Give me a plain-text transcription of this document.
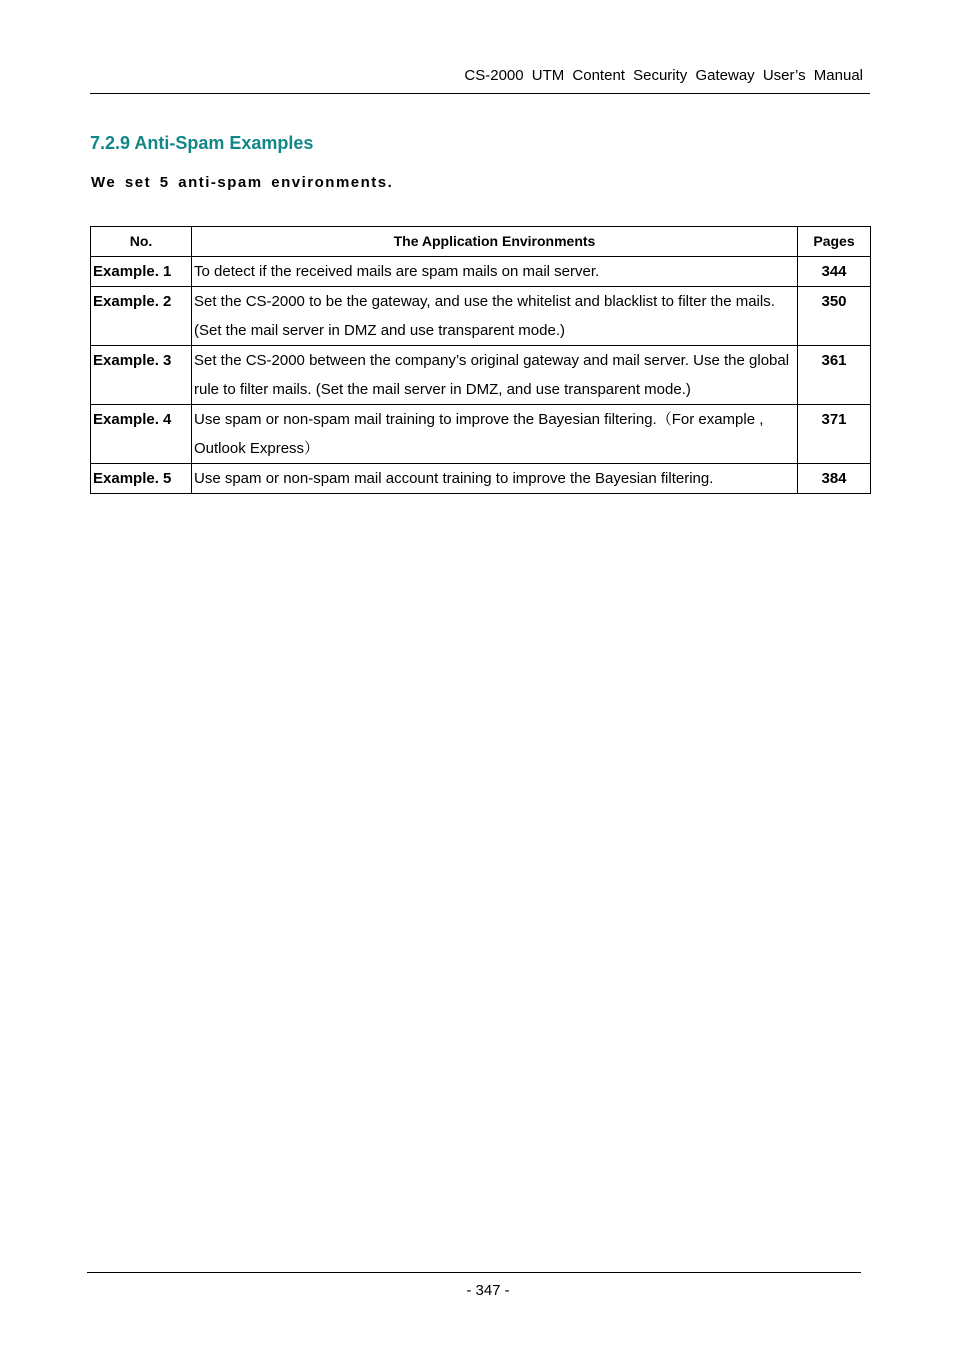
CS-2000 UTM Content Security Gateway User’s Manual
7.2.9 Anti-Spam Examples
We set 5 anti-spam environments.
No.	The Application Environments	Pages
Example. 1	To detect if the received mails are spam mails on mail server.	344
Example. 2	Set the CS-2000 to be the gateway, and use the whitelist and blacklist to filter the mails. (Set the mail server in DMZ and use transparent mode.)	350
Example. 3	Set the CS-2000 between the company’s original gateway and mail server. Use the global rule to filter mails. (Set the mail server in DMZ, and use transparent mode.)	361
Example. 4	Use spam or non-spam mail training to improve the Bayesian filtering.（For example , Outlook Express）	371
Example. 5	Use spam or non-spam mail account training to improve the Bayesian filtering.	384
- 347 -
